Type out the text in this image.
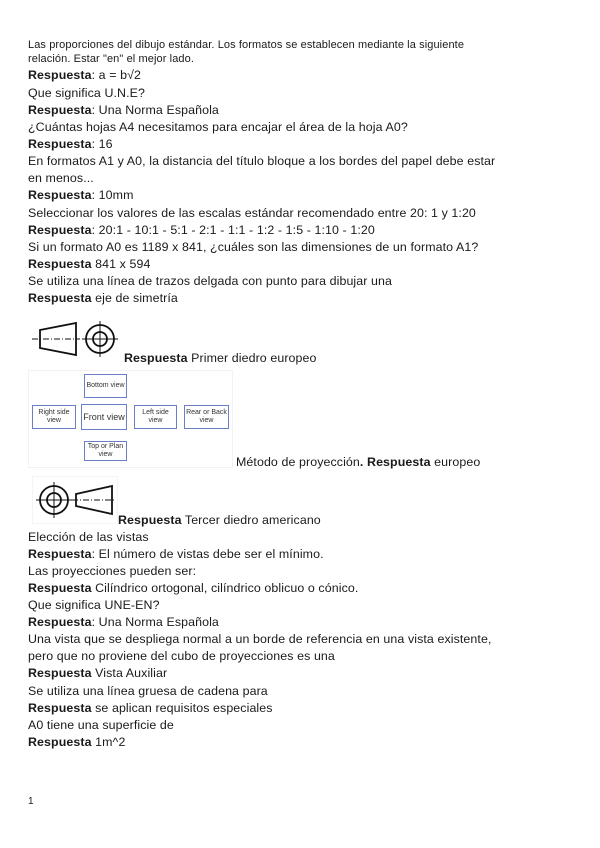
Las proporciones del dibujo estándar. Los formatos se establecen mediante la siguiente
relación. Estar "en" el mejor lado.
Respuesta: a = b√2
Que significa U.N.E?
Respuesta: Una Norma Española
¿Cuántas hojas A4 necesitamos para encajar el área de la hoja A0?
Respuesta: 16
En formatos A1 y A0, la distancia del título bloque a los bordes del papel debe estar
en menos...
Respuesta: 10mm
Seleccionar los valores de las escalas estándar recomendado entre 20: 1 y 1:20
Respuesta: 20:1 - 10:1 - 5:1 - 2:1 - 1:1 - 1:2 - 1:5 - 1:10 - 1:20
Si un formato A0 es 1189 x 841, ¿cuáles son las dimensiones de un formato A1?
Respuesta 841 x 594
Se utiliza una línea de trazos delgada con punto para dibujar una
Respuesta eje de simetría
Respuesta Primer diedro europeo
Bottom view
Right side view	Front view	Left side view
Rear or Back view
Top or Plan view
Método de proyección. Respuesta europeo
Respuesta Tercer diedro americano
Elección de las vistas
Respuesta: El número de vistas debe ser el mínimo.
Las proyecciones pueden ser:
Respuesta Cilíndrico ortogonal, cilíndrico oblicuo o cónico.
Que significa UNE-EN?
Respuesta: Una Norma Española
Una vista que se despliega normal a un borde de referencia en una vista existente,
pero que no proviene del cubo de proyecciones es una
Respuesta Vista Auxiliar
Se utiliza una línea gruesa de cadena para
Respuesta se aplican requisitos especiales
A0 tiene una superficie de
Respuesta 1m^2
1
